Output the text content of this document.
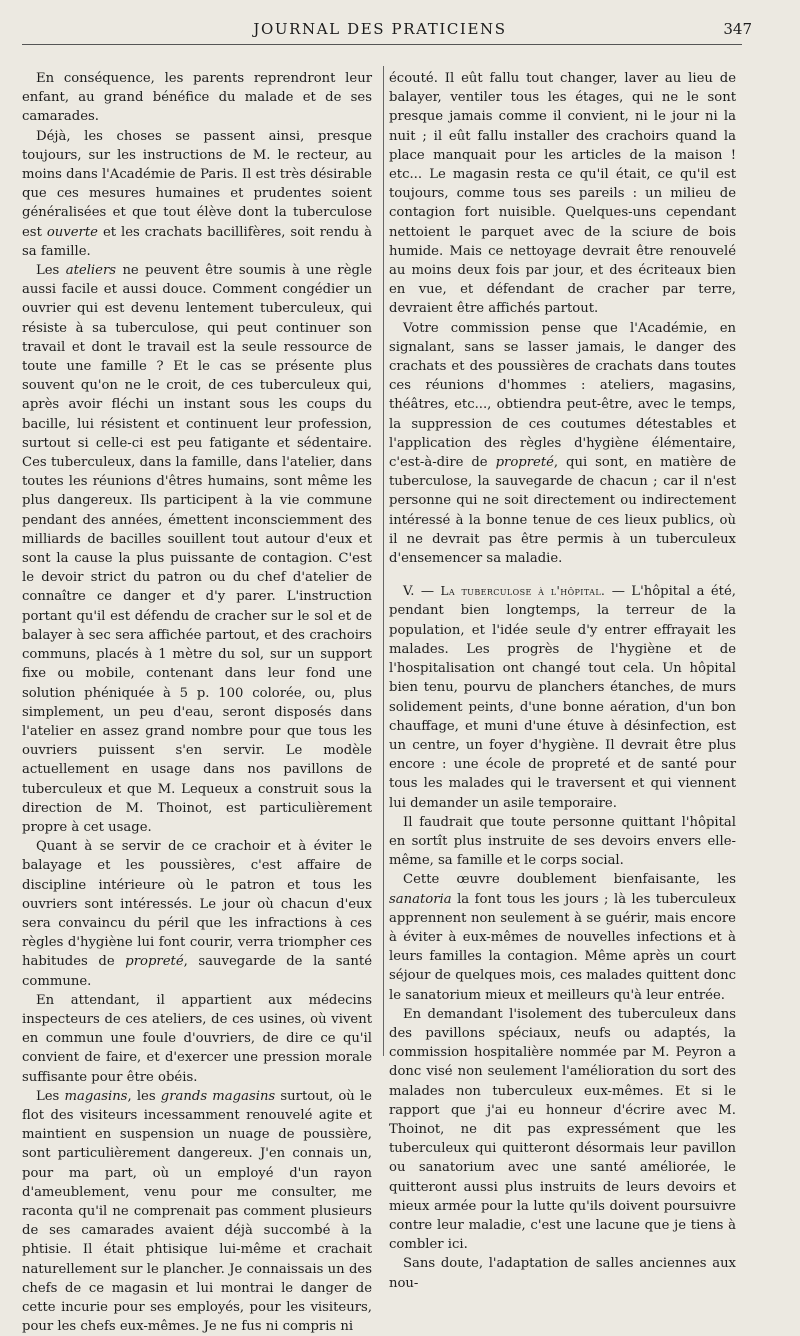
JOURNAL DES PRATICIENS	347

En conséquence, les parents reprendront leur enfant, au grand bénéfice du malade et de ses camarades.

Déjà, les choses se passent ainsi, presque toujours, sur les instructions de M. le recteur, au moins dans l'Académie de Paris. Il est très désirable que ces mesures humaines et prudentes soient généralisées et que tout élève dont la tuberculose est ouverte et les crachats bacillifères, soit rendu à sa famille.

Les ateliers ne peuvent être soumis à une règle aussi facile et aussi douce. Comment congédier un ouvrier qui est devenu lentement tuberculeux, qui résiste à sa tuberculose, qui peut continuer son travail et dont le travail est la seule ressource de toute une famille ? Et le cas se présente plus souvent qu'on ne le croit, de ces tuberculeux qui, après avoir fléchi un instant sous les coups du bacille, lui résistent et continuent leur profession, surtout si celle-ci est peu fatigante et sédentaire. Ces tuberculeux, dans la famille, dans l'atelier, dans toutes les réunions d'êtres humains, sont même les plus dangereux. Ils participent à la vie commune pendant des années, émettent inconsciemment des milliards de bacilles souillent tout autour d'eux et sont la cause la plus puissante de contagion. C'est le devoir strict du patron ou du chef d'atelier de connaître ce danger et d'y parer. L'instruction portant qu'il est défendu de cracher sur le sol et de balayer à sec sera affichée partout, et des crachoirs communs, placés à 1 mètre du sol, sur un support fixe ou mobile, contenant dans leur fond une solution phéniquée à 5 p. 100 colorée, ou, plus simplement, un peu d'eau, seront disposés dans l'atelier en assez grand nombre pour que tous les ouvriers puissent s'en servir. Le modèle actuellement en usage dans nos pavillons de tuberculeux et que M. Lequeux a construit sous la direction de M. Thoinot, est particulièrement propre à cet usage.

Quant à se servir de ce crachoir et à éviter le balayage et les poussières, c'est affaire de discipline intérieure où le patron et tous les ouvriers sont intéressés. Le jour où chacun d'eux sera convaincu du péril que les infractions à ces règles d'hygiène lui font courir, verra triompher ces habitudes de propreté, sauvegarde de la santé commune.

En attendant, il appartient aux médecins inspecteurs de ces ateliers, de ces usines, où vivent en commun une foule d'ouvriers, de dire ce qu'il convient de faire, et d'exercer une pression morale suffisante pour être obéis.

Les magasins, les grands magasins surtout, où le flot des visiteurs incessamment renouvelé agite et maintient en suspension un nuage de poussière, sont particulièrement dangereux. J'en connais un, pour ma part, où un employé d'un rayon d'ameublement, venu pour me consulter, me raconta qu'il ne comprenait pas comment plusieurs de ses camarades avaient déjà succombé à la phtisie. Il était phtisique lui-même et crachait naturellement sur le plancher. Je connaissais un des chefs de ce magasin et lui montrai le danger de cette incurie pour ses employés, pour les visiteurs, pour les chefs eux-mêmes. Je ne fus ni compris ni

écouté. Il eût fallu tout changer, laver au lieu de balayer, ventiler tous les étages, qui ne le sont presque jamais comme il convient, ni le jour ni la nuit ; il eût fallu installer des crachoirs quand la place manquait pour les articles de la maison ! etc... Le magasin resta ce qu'il était, ce qu'il est toujours, comme tous ses pareils : un milieu de contagion fort nuisible. Quelques-uns cependant nettoient le parquet avec de la sciure de bois humide. Mais ce nettoyage devrait être renouvelé au moins deux fois par jour, et des écriteaux bien en vue, et défendant de cracher par terre, devraient être affichés partout.

Votre commission pense que l'Académie, en signalant, sans se lasser jamais, le danger des crachats et des poussières de crachats dans toutes ces réunions d'hommes : ateliers, magasins, théâtres, etc..., obtiendra peut-être, avec le temps, la suppression de ces coutumes détestables et l'application des règles d'hygiène élémentaire, c'est-à-dire de propreté, qui sont, en matière de tuberculose, la sauvegarde de chacun ; car il n'est personne qui ne soit directement ou indirectement intéressé à la bonne tenue de ces lieux publics, où il ne devrait pas être permis à un tuberculeux d'ensemencer sa maladie.

V. — La tuberculose à l'hôpital. — L'hôpital a été, pendant bien longtemps, la terreur de la population, et l'idée seule d'y entrer effrayait les malades. Les progrès de l'hygiène et de l'hospitalisation ont changé tout cela. Un hôpital bien tenu, pourvu de planchers étanches, de murs solidement peints, d'une bonne aération, d'un bon chauffage, et muni d'une étuve à désinfection, est un centre, un foyer d'hygiène. Il devrait être plus encore : une école de propreté et de santé pour tous les malades qui le traversent et qui viennent lui demander un asile temporaire.

Il faudrait que toute personne quittant l'hôpital en sortît plus instruite de ses devoirs envers elle-même, sa famille et le corps social.

Cette œuvre doublement bienfaisante, les sanatoria la font tous les jours ; là les tuberculeux apprennent non seulement à se guérir, mais encore à éviter à eux-mêmes de nouvelles infections et à leurs familles la contagion. Même après un court séjour de quelques mois, ces malades quittent donc le sanatorium mieux et meilleurs qu'à leur entrée.

En demandant l'isolement des tuberculeux dans des pavillons spéciaux, neufs ou adaptés, la commission hospitalière nommée par M. Peyron a donc visé non seulement l'amélioration du sort des malades non tuberculeux eux-mêmes. Et si le rapport que j'ai eu honneur d'écrire avec M. Thoinot, ne dit pas expressément que les tuberculeux qui quitteront désormais leur pavillon ou sanatorium avec une santé améliorée, le quitteront aussi plus instruits de leurs devoirs et mieux armée pour la lutte qu'ils doivent poursuivre contre leur maladie, c'est une lacune que je tiens à combler ici.

Sans doute, l'adaptation de salles anciennes aux nou-
